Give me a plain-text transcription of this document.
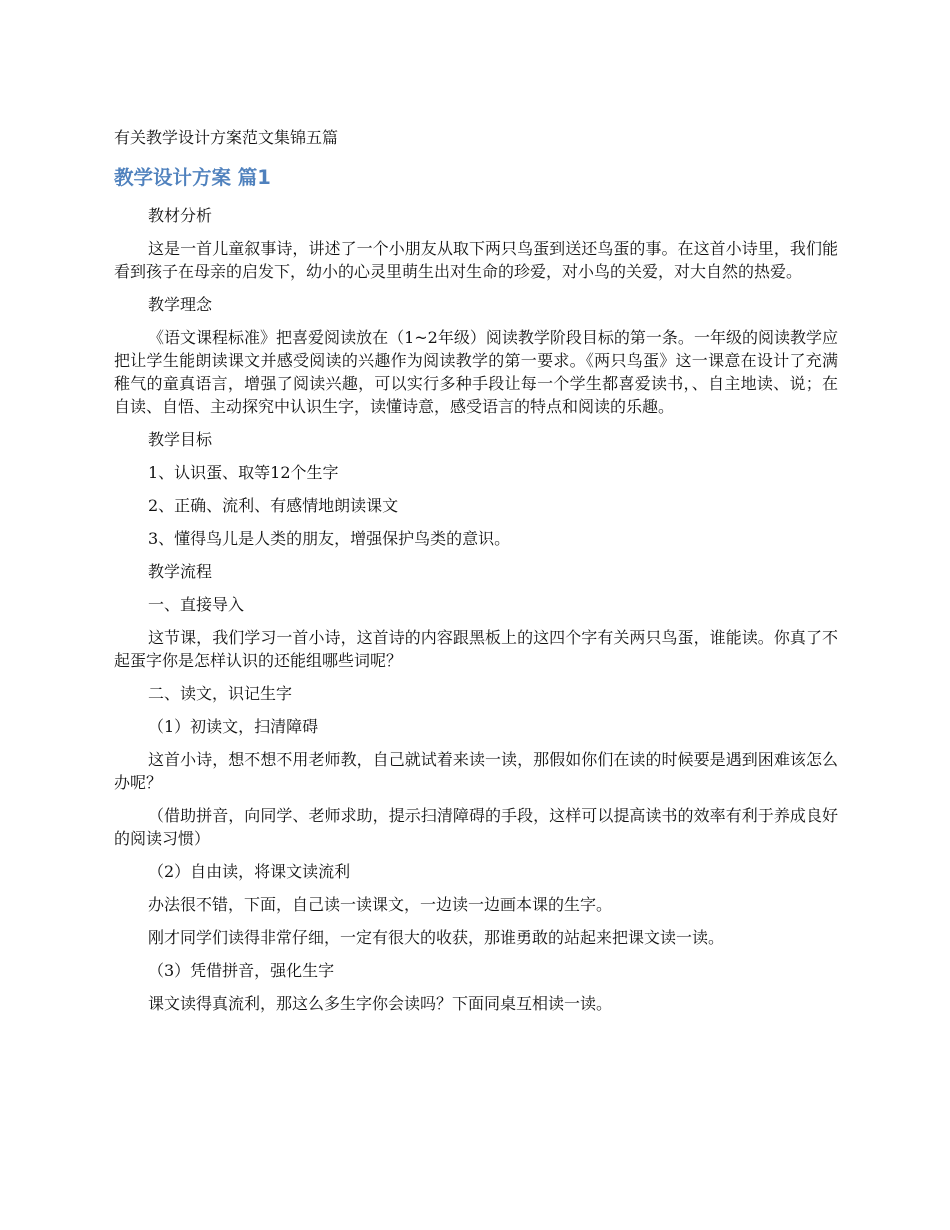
有关教学设计方案范文集锦五篇
教学设计方案 篇1

教材分析

这是一首儿童叙事诗，讲述了一个小朋友从取下两只鸟蛋到送还鸟蛋的事。在这首小诗里，我们能看到孩子在母亲的启发下，幼小的心灵里萌生出对生命的珍爱，对小鸟的关爱，对大自然的热爱。

教学理念

《语文课程标准》把喜爱阅读放在（1~2年级）阅读教学阶段目标的第一条。一年级的阅读教学应把让学生能朗读课文并感受阅读的兴趣作为阅读教学的第一要求。《两只鸟蛋》这一课意在设计了充满稚气的童真语言，增强了阅读兴趣，可以实行多种手段让每一个学生都喜爱读书，、自主地读、说；在自读、自悟、主动探究中认识生字，读懂诗意，感受语言的特点和阅读的乐趣。

教学目标

1、认识蛋、取等12个生字

2、正确、流利、有感情地朗读课文

3、懂得鸟儿是人类的朋友，增强保护鸟类的意识。

教学流程

一、直接导入

这节课，我们学习一首小诗，这首诗的内容跟黑板上的这四个字有关两只鸟蛋，谁能读。你真了不起蛋字你是怎样认识的还能组哪些词呢？

二、读文，识记生字

（1）初读文，扫清障碍

这首小诗，想不想不用老师教，自己就试着来读一读，那假如你们在读的时候要是遇到困难该怎么办呢？

（借助拼音，向同学、老师求助，提示扫清障碍的手段，这样可以提高读书的效率有利于养成良好的阅读习惯）

（2）自由读，将课文读流利

办法很不错，下面，自己读一读课文，一边读一边画本课的生字。

刚才同学们读得非常仔细，一定有很大的收获，那谁勇敢的站起来把课文读一读。

（3）凭借拼音，强化生字

课文读得真流利，那这么多生字你会读吗？下面同桌互相读一读。
